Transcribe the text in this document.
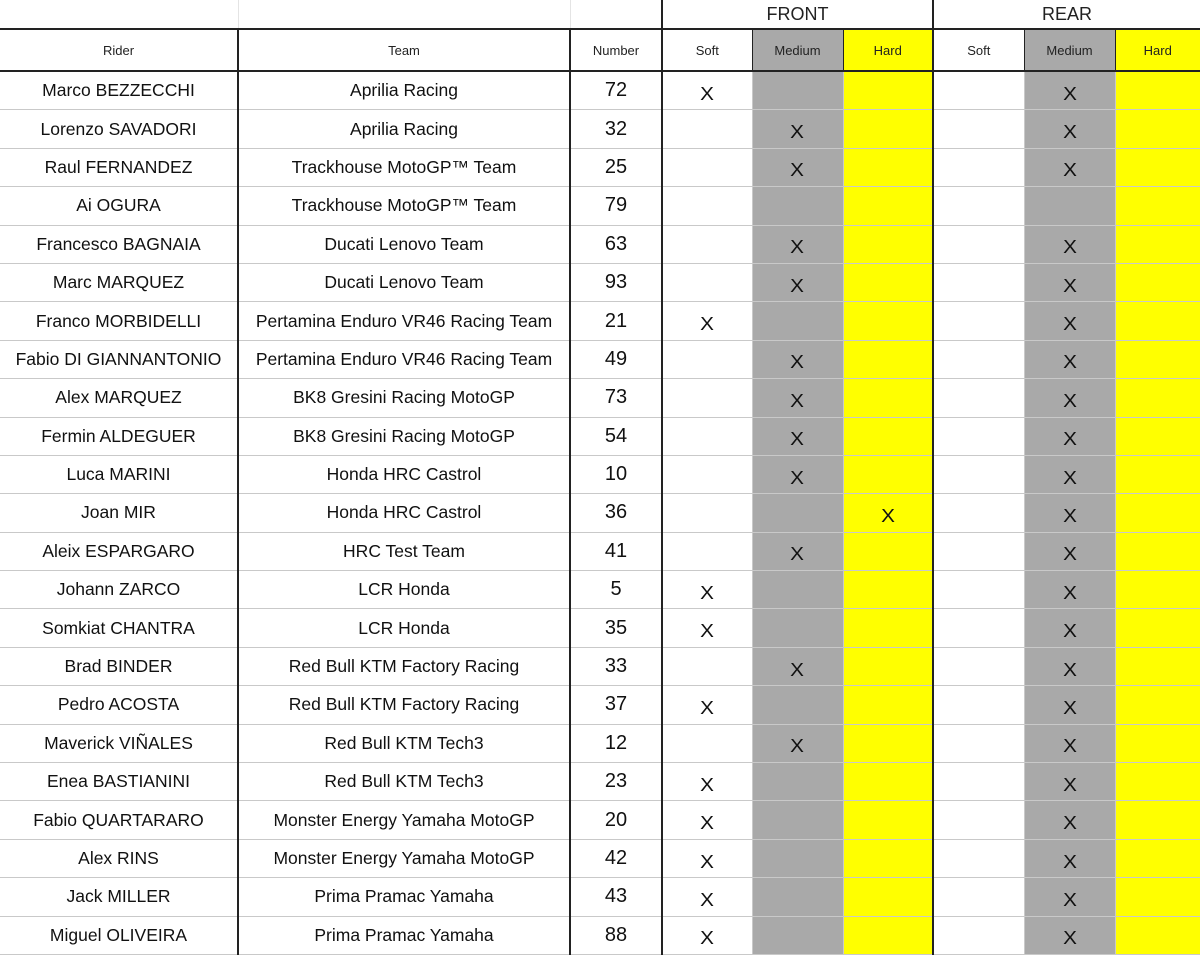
			FRONT			REAR		
Rider	Team	Number	Soft	Medium	Hard	Soft	Medium	Hard
Marco BEZZECCHI	Aprilia Racing	72	X				X	
Lorenzo SAVADORI	Aprilia Racing	32		X			X	
Raul FERNANDEZ	Trackhouse MotoGP™ Team	25		X			X	
Ai OGURA	Trackhouse MotoGP™ Team	79						
Francesco BAGNAIA	Ducati Lenovo Team	63		X			X	
Marc MARQUEZ	Ducati Lenovo Team	93		X			X	
Franco MORBIDELLI	Pertamina Enduro VR46 Racing Team	21	X				X	
Fabio DI GIANNANTONIO	Pertamina Enduro VR46 Racing Team	49		X			X	
Alex MARQUEZ	BK8 Gresini Racing MotoGP	73		X			X	
Fermin ALDEGUER	BK8 Gresini Racing MotoGP	54		X			X	
Luca MARINI	Honda HRC Castrol	10		X			X	
Joan MIR	Honda HRC Castrol	36			X		X	
Aleix ESPARGARO	HRC Test Team	41		X			X	
Johann ZARCO	LCR Honda	5	X				X	
Somkiat CHANTRA	LCR Honda	35	X				X	
Brad BINDER	Red Bull KTM Factory Racing	33		X			X	
Pedro ACOSTA	Red Bull KTM Factory Racing	37	X				X	
Maverick VIÑALES	Red Bull KTM Tech3	12		X			X	
Enea BASTIANINI	Red Bull KTM Tech3	23	X				X	
Fabio QUARTARARO	Monster Energy Yamaha MotoGP	20	X				X	
Alex RINS	Monster Energy Yamaha MotoGP	42	X				X	
Jack MILLER	Prima Pramac Yamaha	43	X				X	
Miguel OLIVEIRA	Prima Pramac Yamaha	88	X				X	
